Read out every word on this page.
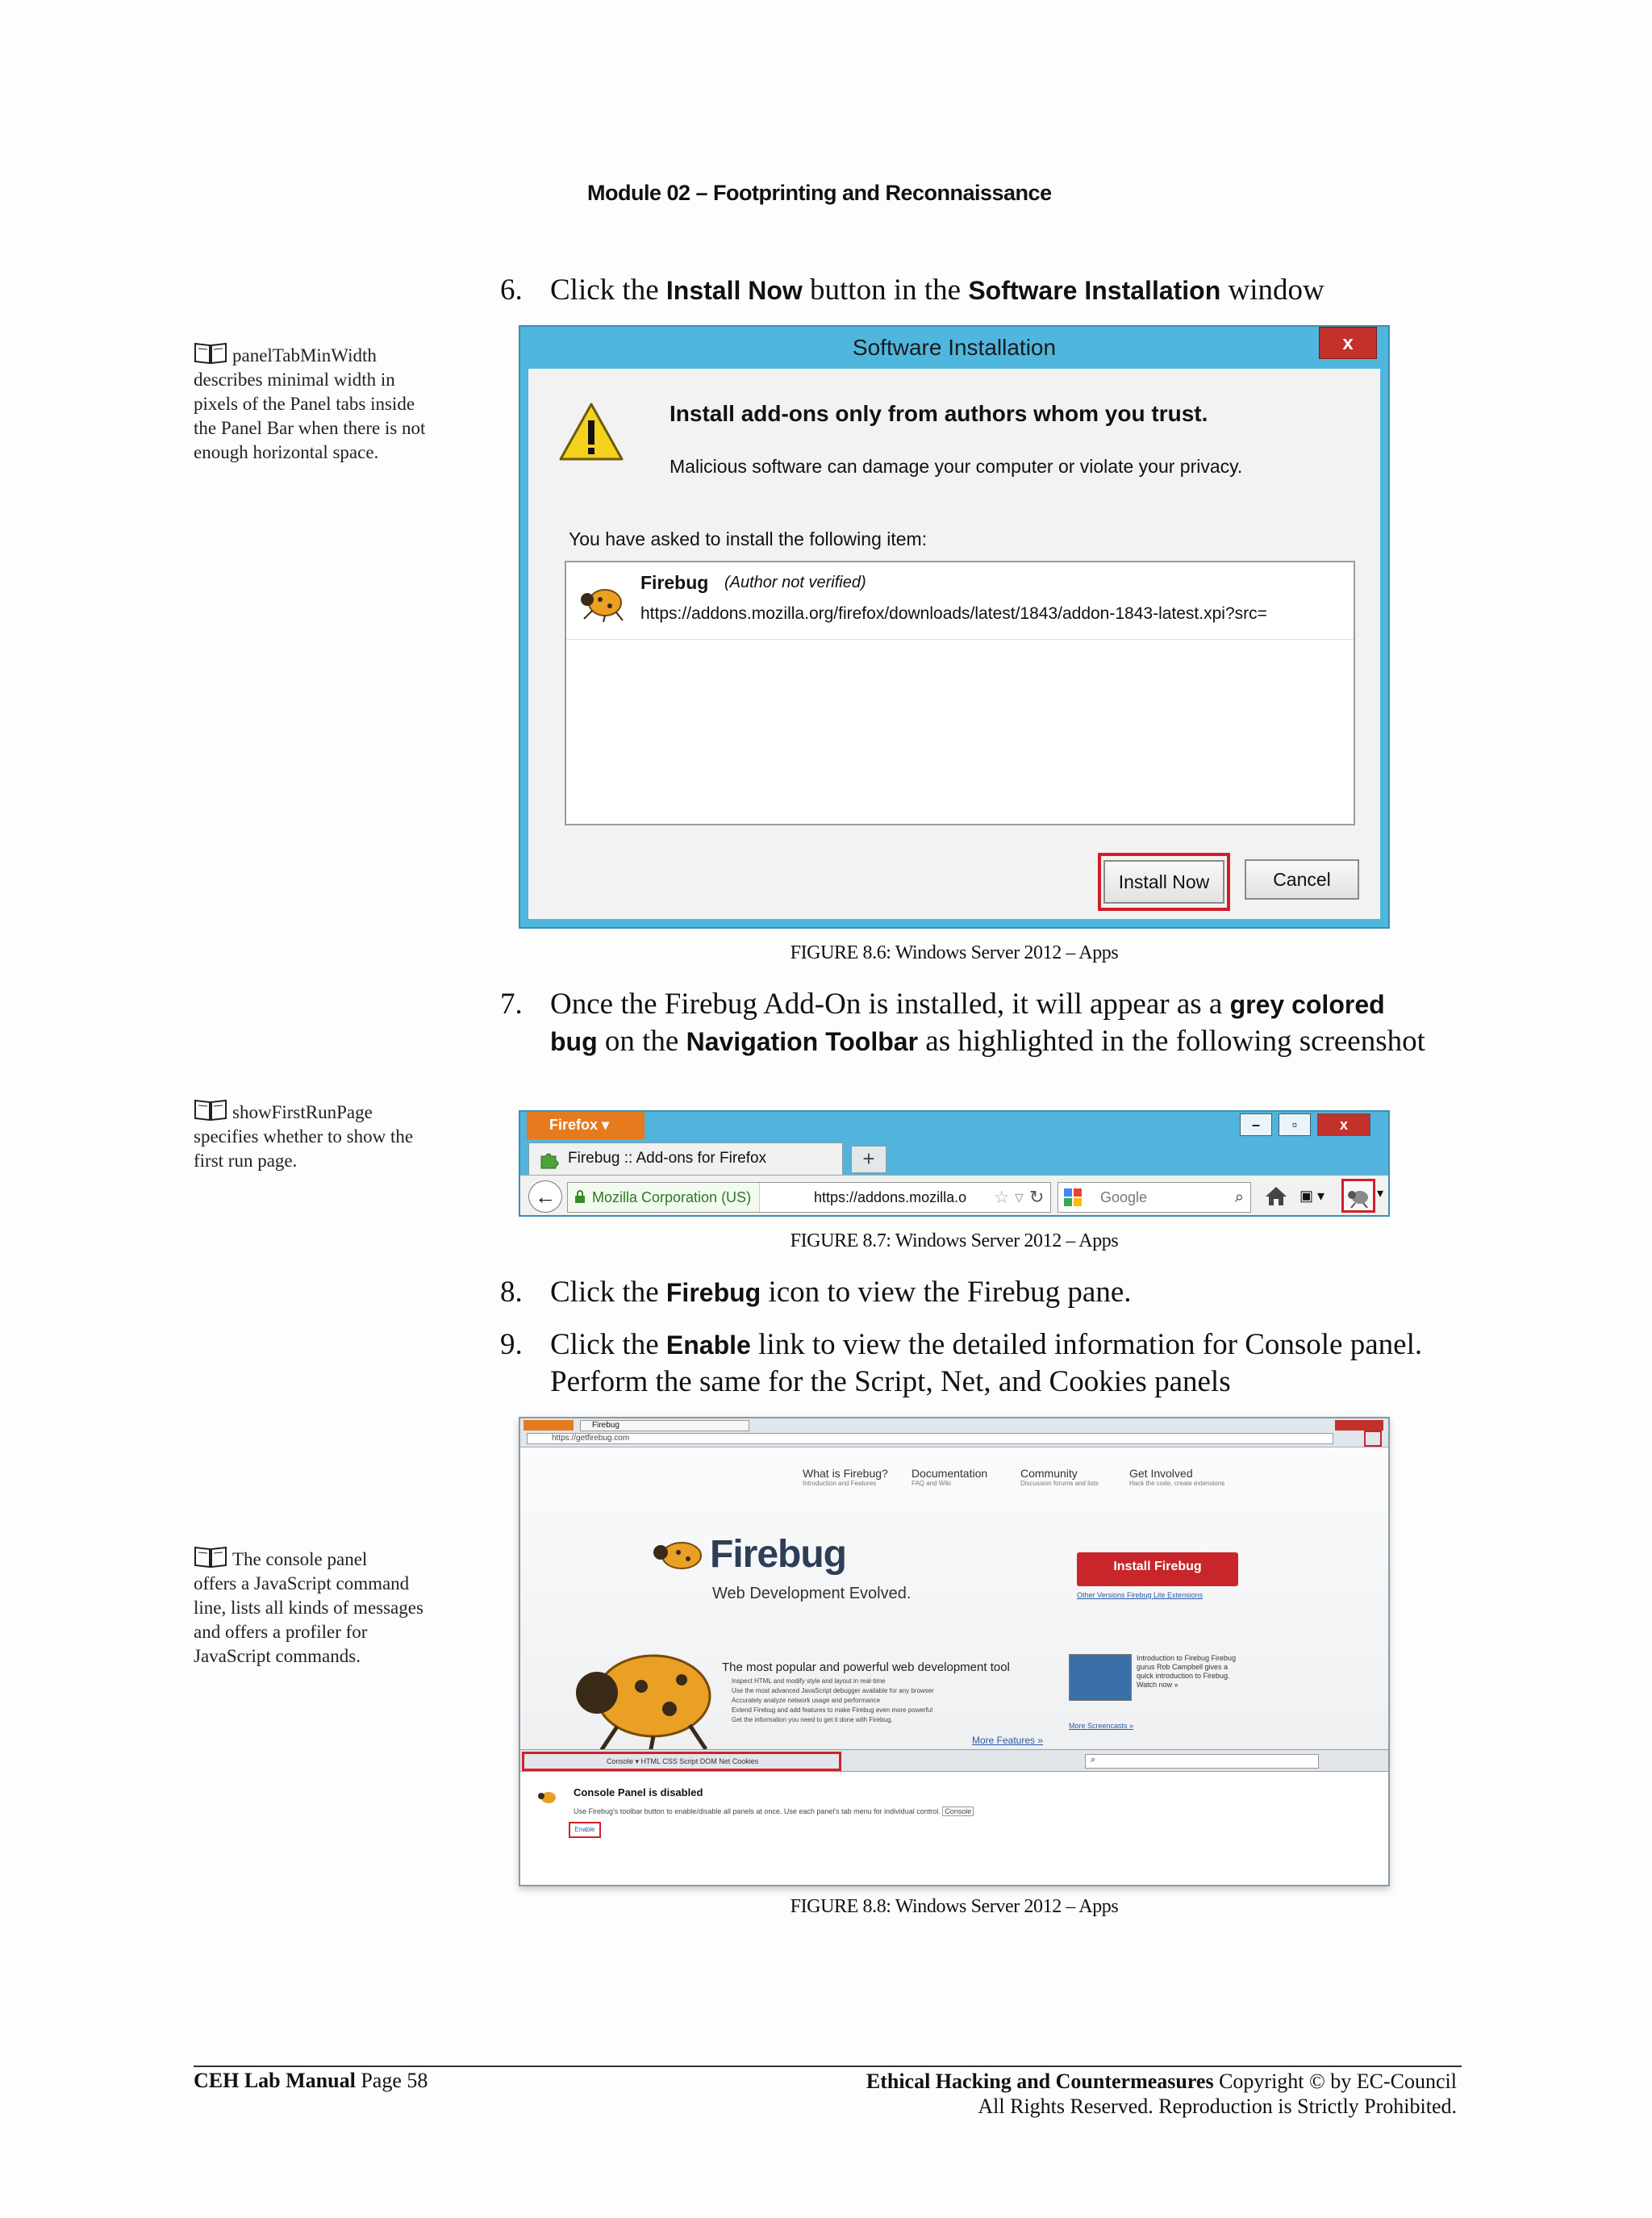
Module 02 – Footprinting and Reconnaissance
6. Click the Install Now button in the Software Installation window
panelTabMinWidth
describes minimal width in pixels of the Panel tabs inside the Panel Bar when there is not enough horizontal space.
Software Installation	x
Install add-ons only from authors whom you trust.
Malicious software can damage your computer or violate your privacy.
You have asked to install the following item:
Firebug (Author not verified)
https://addons.mozilla.org/firefox/downloads/latest/1843/addon-1843-latest.xpi?src=
Install Now	Cancel
FIGURE 8.6: Windows Server 2012 – Apps
7. Once the Firebug Add-On is installed, it will appear as a grey colored bug on the Navigation Toolbar as highlighted in the following screenshot
showFirstRunPage
specifies whether to show the first run page.
Firefox ▾	–	▫	x
Firebug :: Add-ons for Firefox	+
←	Mozilla Corporation (US)	https://addons.mozilla.o ☆ ▿ ↻	Google	⌕	▣ ▾	▾
FIGURE 8.7: Windows Server 2012 – Apps
8. Click the Firebug icon to view the Firebug pane.
9. Click the Enable link to view the detailed information for Console panel. Perform the same for the Script, Net, and Cookies panels
The console panel
offers a JavaScript command line, lists all kinds of messages and offers a profiler for JavaScript commands.
Firebug
https://getfirebug.com
What is Firebug?
Introduction and Features
Documentation
FAQ and Wiki
Community
Discussion forums and lists
Get Involved
Hack the code, create extensions
Firebug
Web Development Evolved.
Install Firebug
Other Versions Firebug Lite Extensions
The most popular and powerful web development tool
Inspect HTML and modify style and layout in real-time
Use the most advanced JavaScript debugger available for any browser
Accurately analyze network usage and performance
Extend Firebug and add features to make Firebug even more powerful
Get the information you need to get it done with Firebug.
More Features »
Introduction to Firebug Firebug gurus Rob Campbell gives a quick introduction to Firebug. Watch now »
More Screencasts »
Console ▾ HTML CSS Script DOM Net Cookies	⌕
Console Panel is disabled
Use Firebug's toolbar button to enable/disable all panels at once. Use each panel's tab menu for individual control. Console
Enable
FIGURE 8.8: Windows Server 2012 – Apps
CEH Lab Manual Page 58	Ethical Hacking and Countermeasures Copyright © by EC-Council
All Rights Reserved. Reproduction is Strictly Prohibited.
